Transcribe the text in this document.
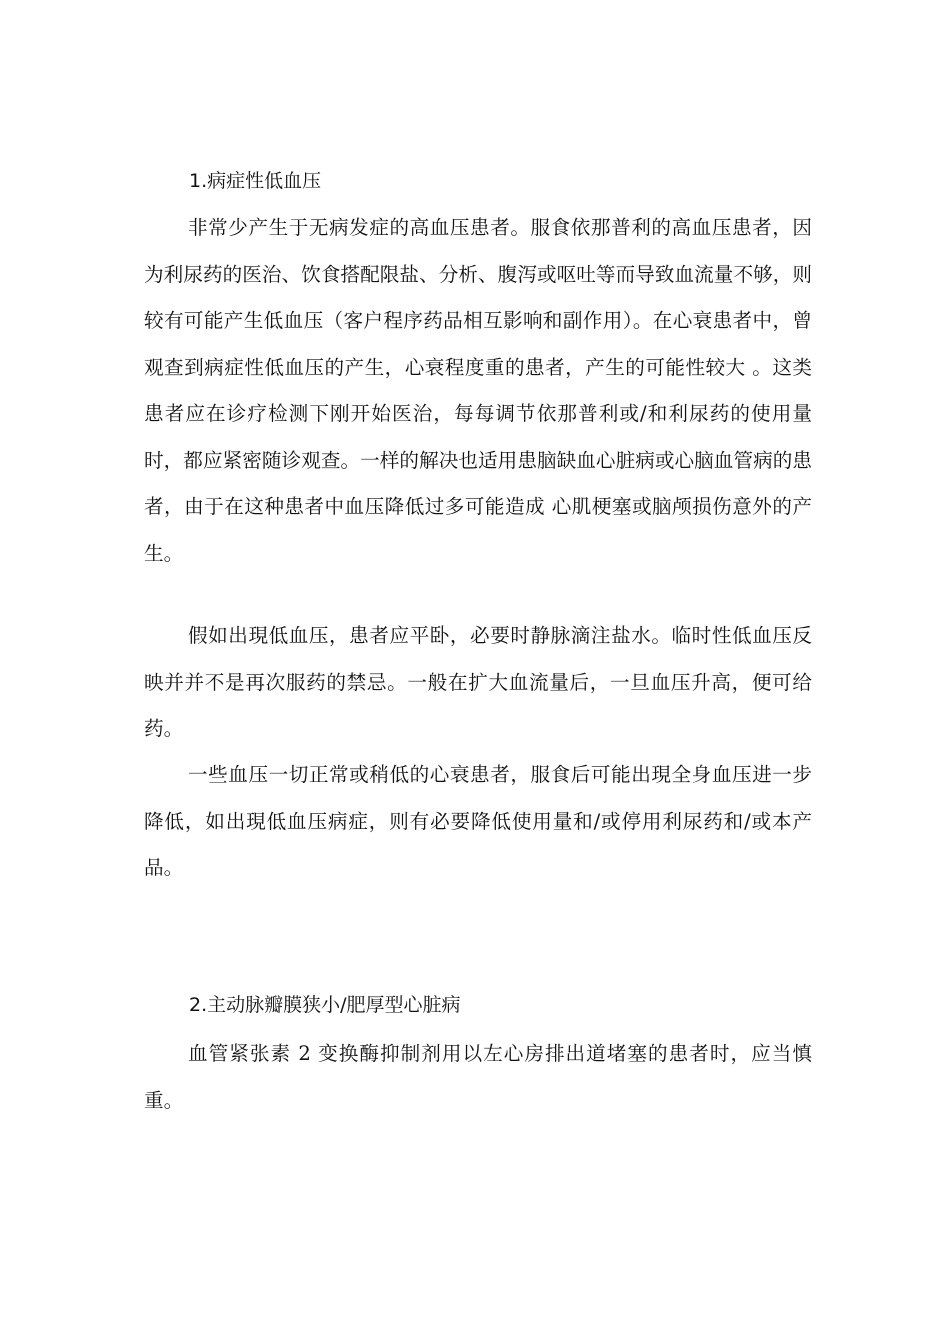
1.病症性低血压

非常少产生于无病发症的高血压患者。服食依那普利的高血压患者，因为利尿药的医治、饮食搭配限盐、分析、腹泻或呕吐等而导致血流量不够，则较有可能产生低血压（客户程序药品相互影响和副作用）。在心衰患者中，曾观查到病症性低血压的产生，心衰程度重的患者，产生的可能性较大 。这类患者应在诊疗检测下刚开始医治，每每调节依那普利或/和利尿药的使用量时，都应紧密随诊观查。一样的解决也适用患脑缺血心脏病或心脑血管病的患者，由于在这种患者中血压降低过多可能造成 心肌梗塞或脑颅损伤意外的产生。

假如出現低血压，患者应平卧，必要时静脉滴注盐水。临时性低血压反映并并不是再次服药的禁忌。一般在扩大血流量后，一旦血压升高，便可给药。

一些血压一切正常或稍低的心衰患者，服食后可能出現全身血压进一步降低，如出現低血压病症，则有必要降低使用量和/或停用利尿药和/或本产品。

2.主动脉瓣膜狭小/肥厚型心脏病

血管紧张素 2 变换酶抑制剂用以左心房排出道堵塞的患者时，应当慎重。
